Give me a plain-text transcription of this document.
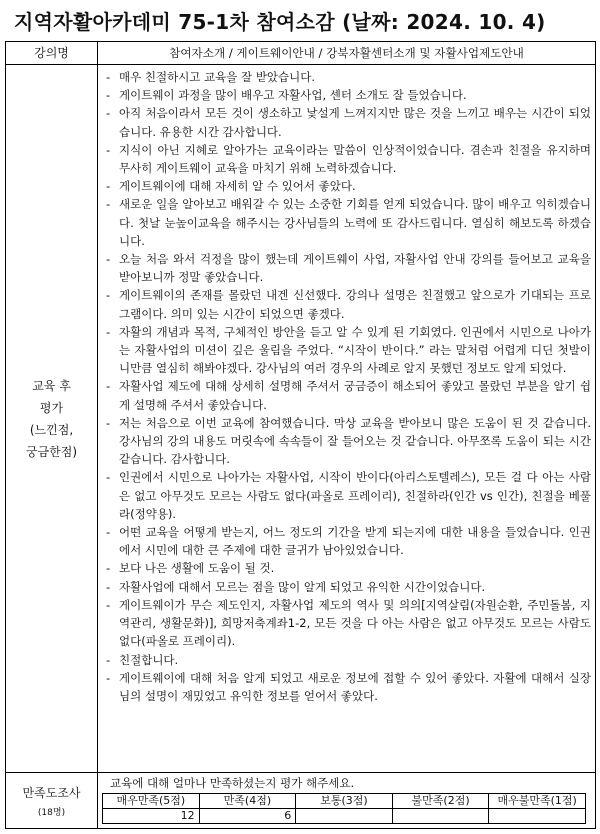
지역자활아카데미 75-1차 참여소감 (날짜: 2024. 10. 4)
강의명	참여자소개 / 게이트웨이안내 / 강북자활센터소개 및 자활사업제도안내
교육 후
평가
(느낀점,
궁금한점)
- 매우 친절하시고 교육을 잘 받았습니다.
- 게이트웨이 과정을 많이 배우고 자활사업, 센터 소개도 잘 들었습니다.
- 아직 처음이라서 모든 것이 생소하고 낯설게 느껴지지만 많은 것을 느끼고 배우는 시간이 되었습니다. 유용한 시간 감사합니다.
- 지식이 아닌 지혜로 알아가는 교육이라는 말씀이 인상적이었습니다. 겸손과 친절을 유지하며 무사히 게이트웨이 교육을 마치기 위해 노력하겠습니다.
- 게이트웨이에 대해 자세히 알 수 있어서 좋았다.
- 새로운 일을 알아보고 배워갈 수 있는 소중한 기회를 얻게 되었습니다. 많이 배우고 익히겠습니다. 첫날 눈높이교육을 해주시는 강사님들의 노력에 또 감사드립니다. 열심히 해보도록 하겠습니다.
- 오늘 처음 와서 걱정을 많이 했는데 게이트웨이 사업, 자활사업 안내 강의를 들어보고 교육을 받아보니까 정말 좋았습니다.
- 게이트웨이의 존재를 몰랐던 내겐 신선했다. 강의나 설명은 친절했고 앞으로가 기대되는 프로그램이다. 의미 있는 시간이 되었으면 좋겠다.
- 자활의 개념과 목적, 구체적인 방안을 듣고 알 수 있게 된 기회였다. 인권에서 시민으로 나아가는 자활사업의 미션이 깊은 울림을 주었다. “시작이 반이다.” 라는 말처럼 어렵게 디딘 첫발이니만큼 열심히 해봐야겠다. 강사님의 여러 경우의 사례로 알지 못했던 정보도 알게 되었다.
- 자활사업 제도에 대해 상세히 설명해 주셔서 궁금증이 해소되어 좋았고 몰랐던 부분을 알기 쉽게 설명해 주셔서 좋았습니다.
- 저는 처음으로 이번 교육에 참여했습니다. 막상 교육을 받아보니 많은 도움이 된 것 같습니다. 강사님의 강의 내용도 머릿속에 속속들이 잘 들어오는 것 같습니다. 아무쪼록 도움이 되는 시간 같습니다. 감사합니다.
- 인권에서 시민으로 나아가는 자활사업, 시작이 반이다(아리스토텔레스), 모든 걸 다 아는 사람은 없고 아무것도 모르는 사람도 없다(파올로 프레이리), 친절하라(인간 vs 인간), 친절을 베풀라(정약용).
- 어떤 교육을 어떻게 받는지, 어느 정도의 기간을 받게 되는지에 대한 내용을 들었습니다. 인권에서 시민에 대한 큰 주제에 대한 글귀가 남아있었습니다.
- 보다 나은 생활에 도움이 될 것.
- 자활사업에 대해서 모르는 점을 많이 알게 되었고 유익한 시간이었습니다.
- 게이트웨이가 무슨 제도인지, 자활사업 제도의 역사 및 의의[지역살림(자원순환, 주민돌봄, 지역관리, 생활문화)], 희망저축계좌1-2, 모든 것을 다 아는 사람은 없고 아무것도 모르는 사람도 없다(파올로 프레이리).
- 친절합니다.
- 게이트웨이에 대해 처음 알게 되었고 새로운 정보에 접할 수 있어 좋았다. 자활에 대해서 실장님의 설명이 재밌었고 유익한 정보를 얻어서 좋았다.
만족도조사
(18명)
교육에 대해 얼마나 만족하셨는지 평가 해주세요.
매우만족(5점)	만족(4점)	보통(3점)	불만족(2점)	매우불만족(1점)
12	6			
